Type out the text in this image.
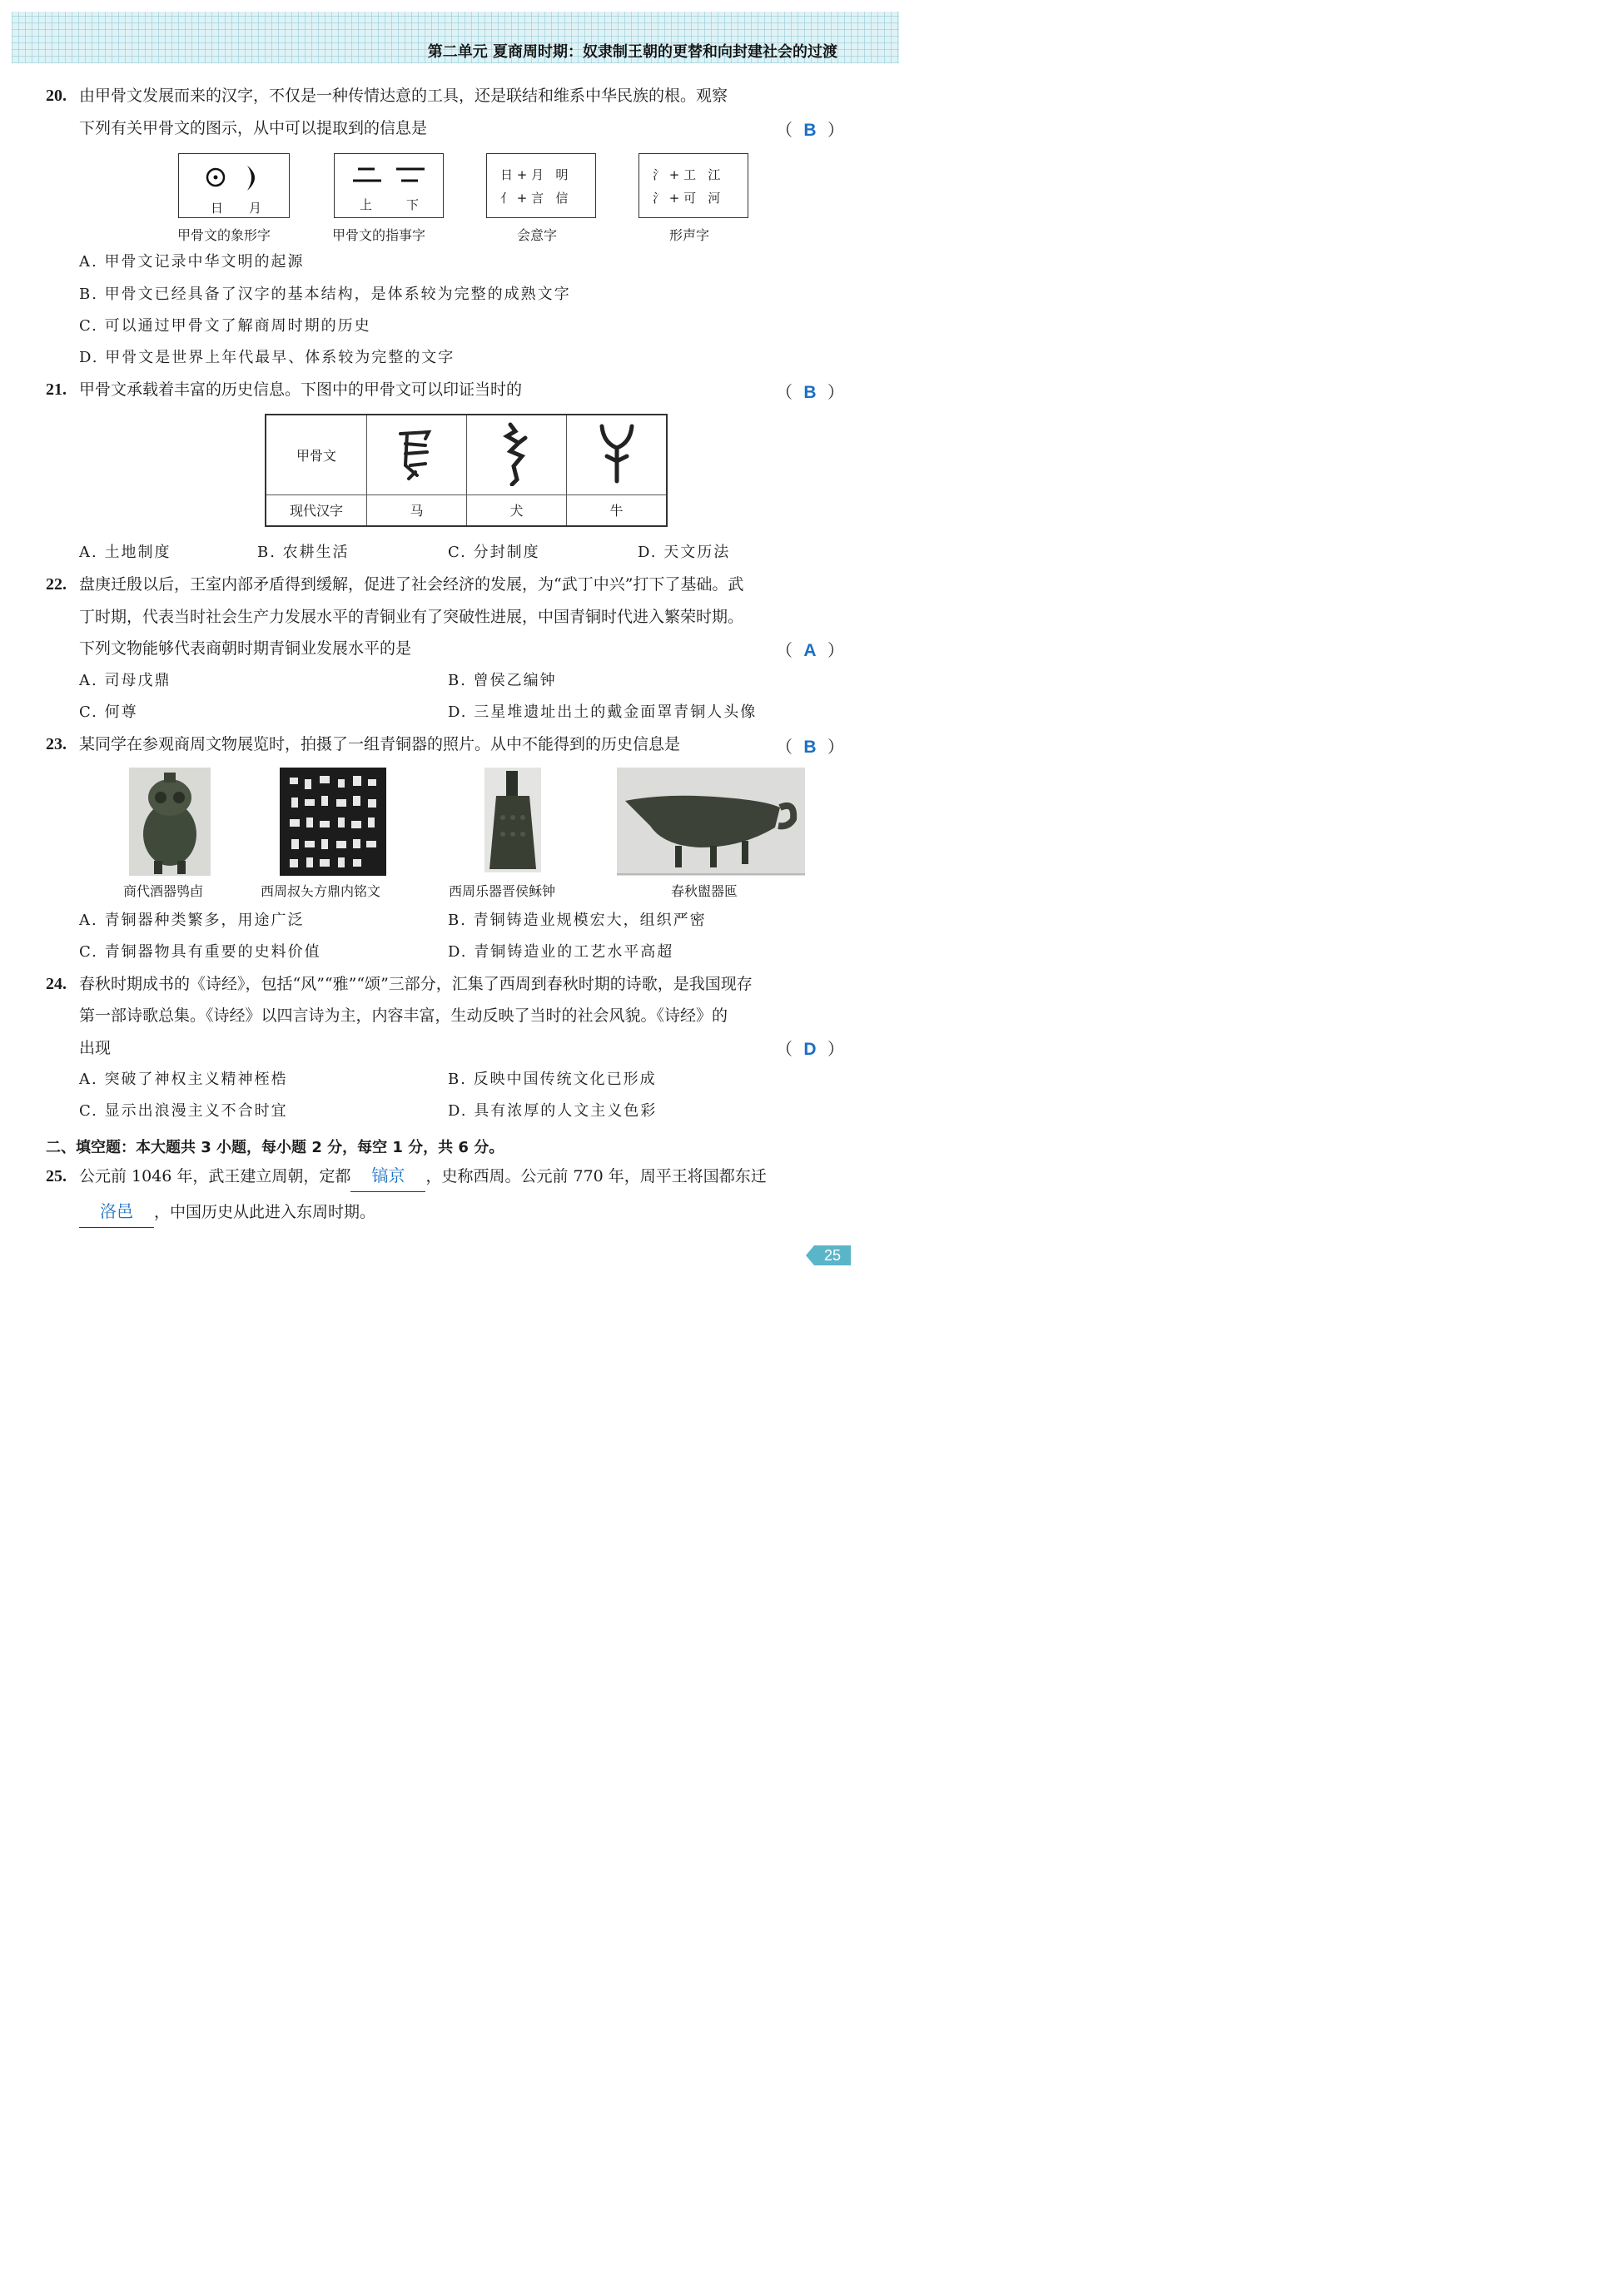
第二单元 夏商周时期：奴隶制王朝的更替和向封建社会的过渡
20. 由甲骨文发展而来的汉字，不仅是一种传情达意的工具，还是联结和维系中华民族的根。观察
下列有关甲骨文的图示，从中可以提取到的信息是	（ B ）
日 月
甲骨文的象形字
上	下
甲骨文的指事字
日 + 月   明
亻 + 言   信
会意字
氵 + 工   江
氵 + 可   河
形声字
A. 甲骨文记录中华文明的起源
B. 甲骨文已经具备了汉字的基本结构，是体系较为完整的成熟文字
C. 可以通过甲骨文了解商周时期的历史
D. 甲骨文是世界上年代最早、体系较为完整的文字
21. 甲骨文承载着丰富的历史信息。下图中的甲骨文可以印证当时的	（ B ）
甲骨文			
现代汉字	马	犬	牛
A. 土地制度	B. 农耕生活	C. 分封制度	D. 天文历法
22. 盘庚迁殷以后，王室内部矛盾得到缓解，促进了社会经济的发展，为“武丁中兴”打下了基础。武
丁时期，代表当时社会生产力发展水平的青铜业有了突破性进展，中国青铜时代进入繁荣时期。
下列文物能够代表商朝时期青铜业发展水平的是	（ A ）
A. 司母戊鼎	B. 曾侯乙编钟
C. 何尊	D. 三星堆遗址出土的戴金面罩青铜人头像
23. 某同学在参观商周文物展览时，拍摄了一组青铜器的照片。从中不能得到的历史信息是	（ B ）
商代酒器鸮卣	西周叔夨方鼎内铭文	西周乐器晋侯稣钟	春秋盥器匜
A. 青铜器种类繁多，用途广泛	B. 青铜铸造业规模宏大，组织严密
C. 青铜器物具有重要的史料价值	D. 青铜铸造业的工艺水平高超
24. 春秋时期成书的《诗经》，包括“风”“雅”“颂”三部分，汇集了西周到春秋时期的诗歌，是我国现存
第一部诗歌总集。《诗经》以四言诗为主，内容丰富，生动反映了当时的社会风貌。《诗经》的
出现	（ D ）
A. 突破了神权主义精神桎梏	B. 反映中国传统文化已形成
C. 显示出浪漫主义不合时宜	D. 具有浓厚的人文主义色彩
二、填空题：本大题共 3 小题，每小题 2 分，每空 1 分，共 6 分。
25. 公元前 1046 年，武王建立周朝，定都 镐京 ，史称西周。公元前 770 年，周平王将国都东迁
洛邑 ，中国历史从此进入东周时期。
25
